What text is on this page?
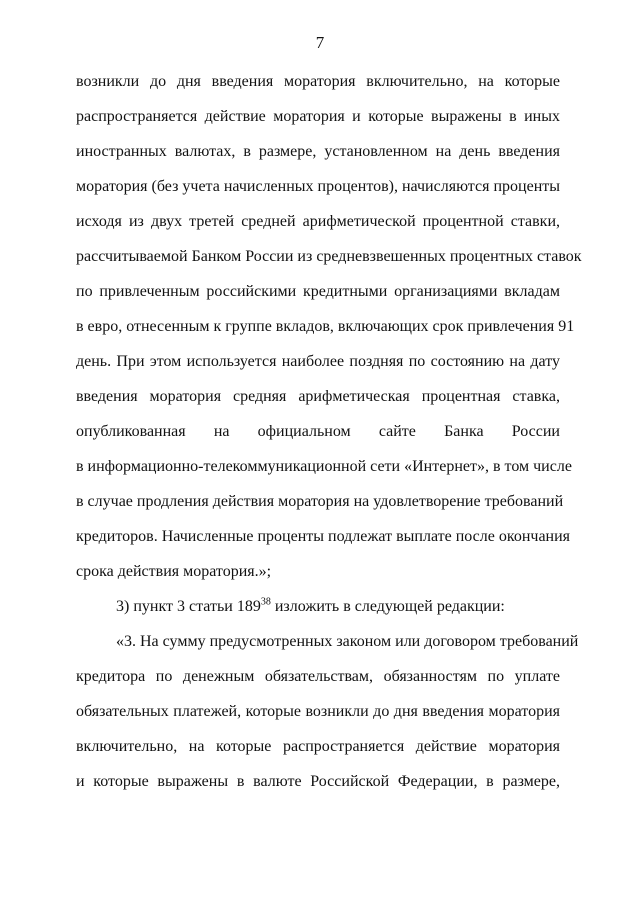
7
возникли до дня введения моратория включительно, на которые
распространяется действие моратория и которые выражены в иных
иностранных валютах, в размере, установленном на день введения
моратория (без учета начисленных процентов), начисляются проценты
исходя из двух третей средней арифметической процентной ставки,
рассчитываемой Банком России из средневзвешенных процентных ставок
по привлеченным российскими кредитными организациями вкладам
в евро, отнесенным к группе вкладов, включающих срок привлечения 91
день. При этом используется наиболее поздняя по состоянию на дату
введения моратория средняя арифметическая процентная ставка,
опубликованная на официальном сайте Банка России
в информационно-телекоммуникационной сети «Интернет», в том числе
в случае продления действия моратория на удовлетворение требований
кредиторов. Начисленные проценты подлежат выплате после окончания
срока действия моратория.»;
3) пункт 3 статьи $189^{38}$ изложить в следующей редакции:
«3. На сумму предусмотренных законом или договором требований
кредитора по денежным обязательствам, обязанностям по уплате
обязательных платежей, которые возникли до дня введения моратория
включительно, на которые распространяется действие моратория
и которые выражены в валюте Российской Федерации, в размере,
